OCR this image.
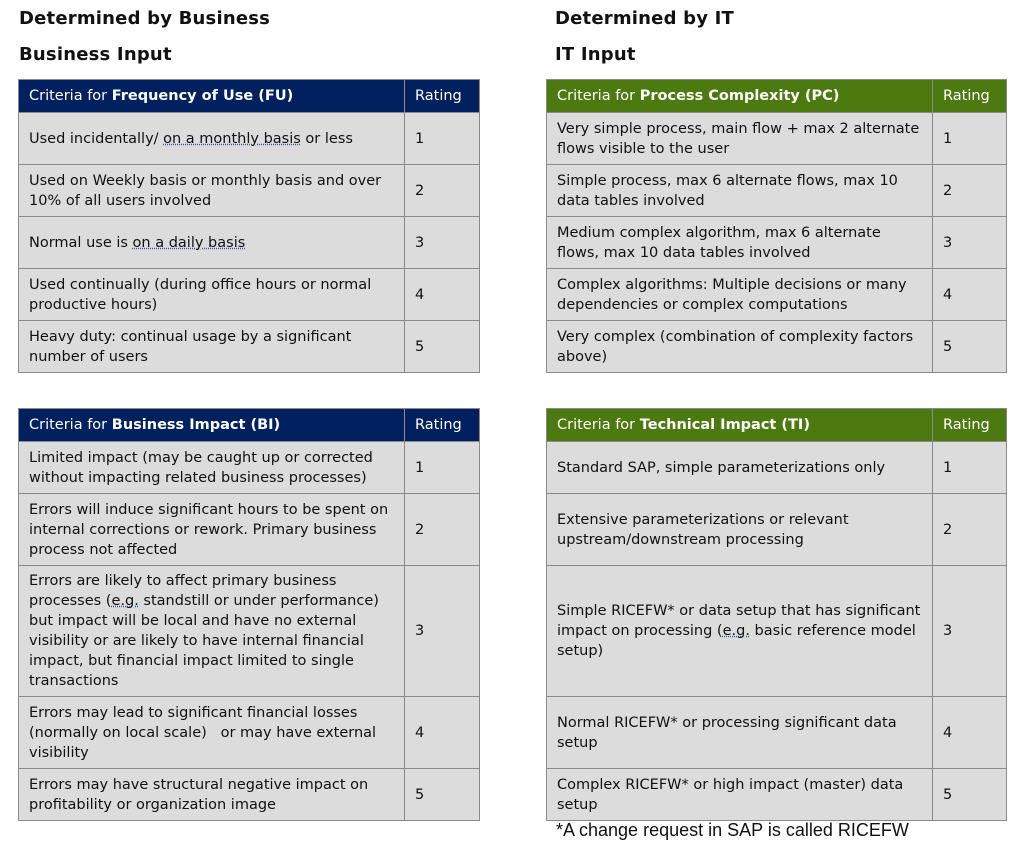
Determined by Business
Business Input
Determined by IT
IT Input
Criteria for Frequency of Use (FU)	Rating
Used incidentally/ on a monthly basis or less	1
Used on Weekly basis or monthly basis and over 10% of all users involved	2
Normal use is on a daily basis	3
Used continually (during office hours or normal productive hours)	4
Heavy duty: continual usage by a significant number of users	5
Criteria for Process Complexity (PC)	Rating
Very simple process, main flow + max 2 alternate flows visible to the user	1
Simple process, max 6 alternate flows, max 10 data tables involved	2
Medium complex algorithm, max 6 alternate flows, max 10 data tables involved	3
Complex algorithms: Multiple decisions or many dependencies or complex computations	4
Very complex (combination of complexity factors above)	5
Criteria for Business Impact (BI)	Rating
Limited impact (may be caught up or corrected without impacting related business processes)	1
Errors will induce significant hours to be spent on internal corrections or rework. Primary business process not affected	2
Errors are likely to affect primary business processes (e.g. standstill or under performance) but impact will be local and have no external visibility or are likely to have internal financial impact, but financial impact limited to single transactions	3
Errors may lead to significant financial losses (normally on local scale)   or may have external visibility	4
Errors may have structural negative impact on profitability or organization image	5
Criteria for Technical Impact (TI)	Rating
Standard SAP, simple parameterizations only	1
Extensive parameterizations or relevant upstream/downstream processing	2
Simple RICEFW* or data setup that has significant impact on processing (e.g. basic reference model setup)	3
Normal RICEFW* or processing significant data setup	4
Complex RICEFW* or high impact (master) data setup	5

*A change request in SAP is called RICEFW
